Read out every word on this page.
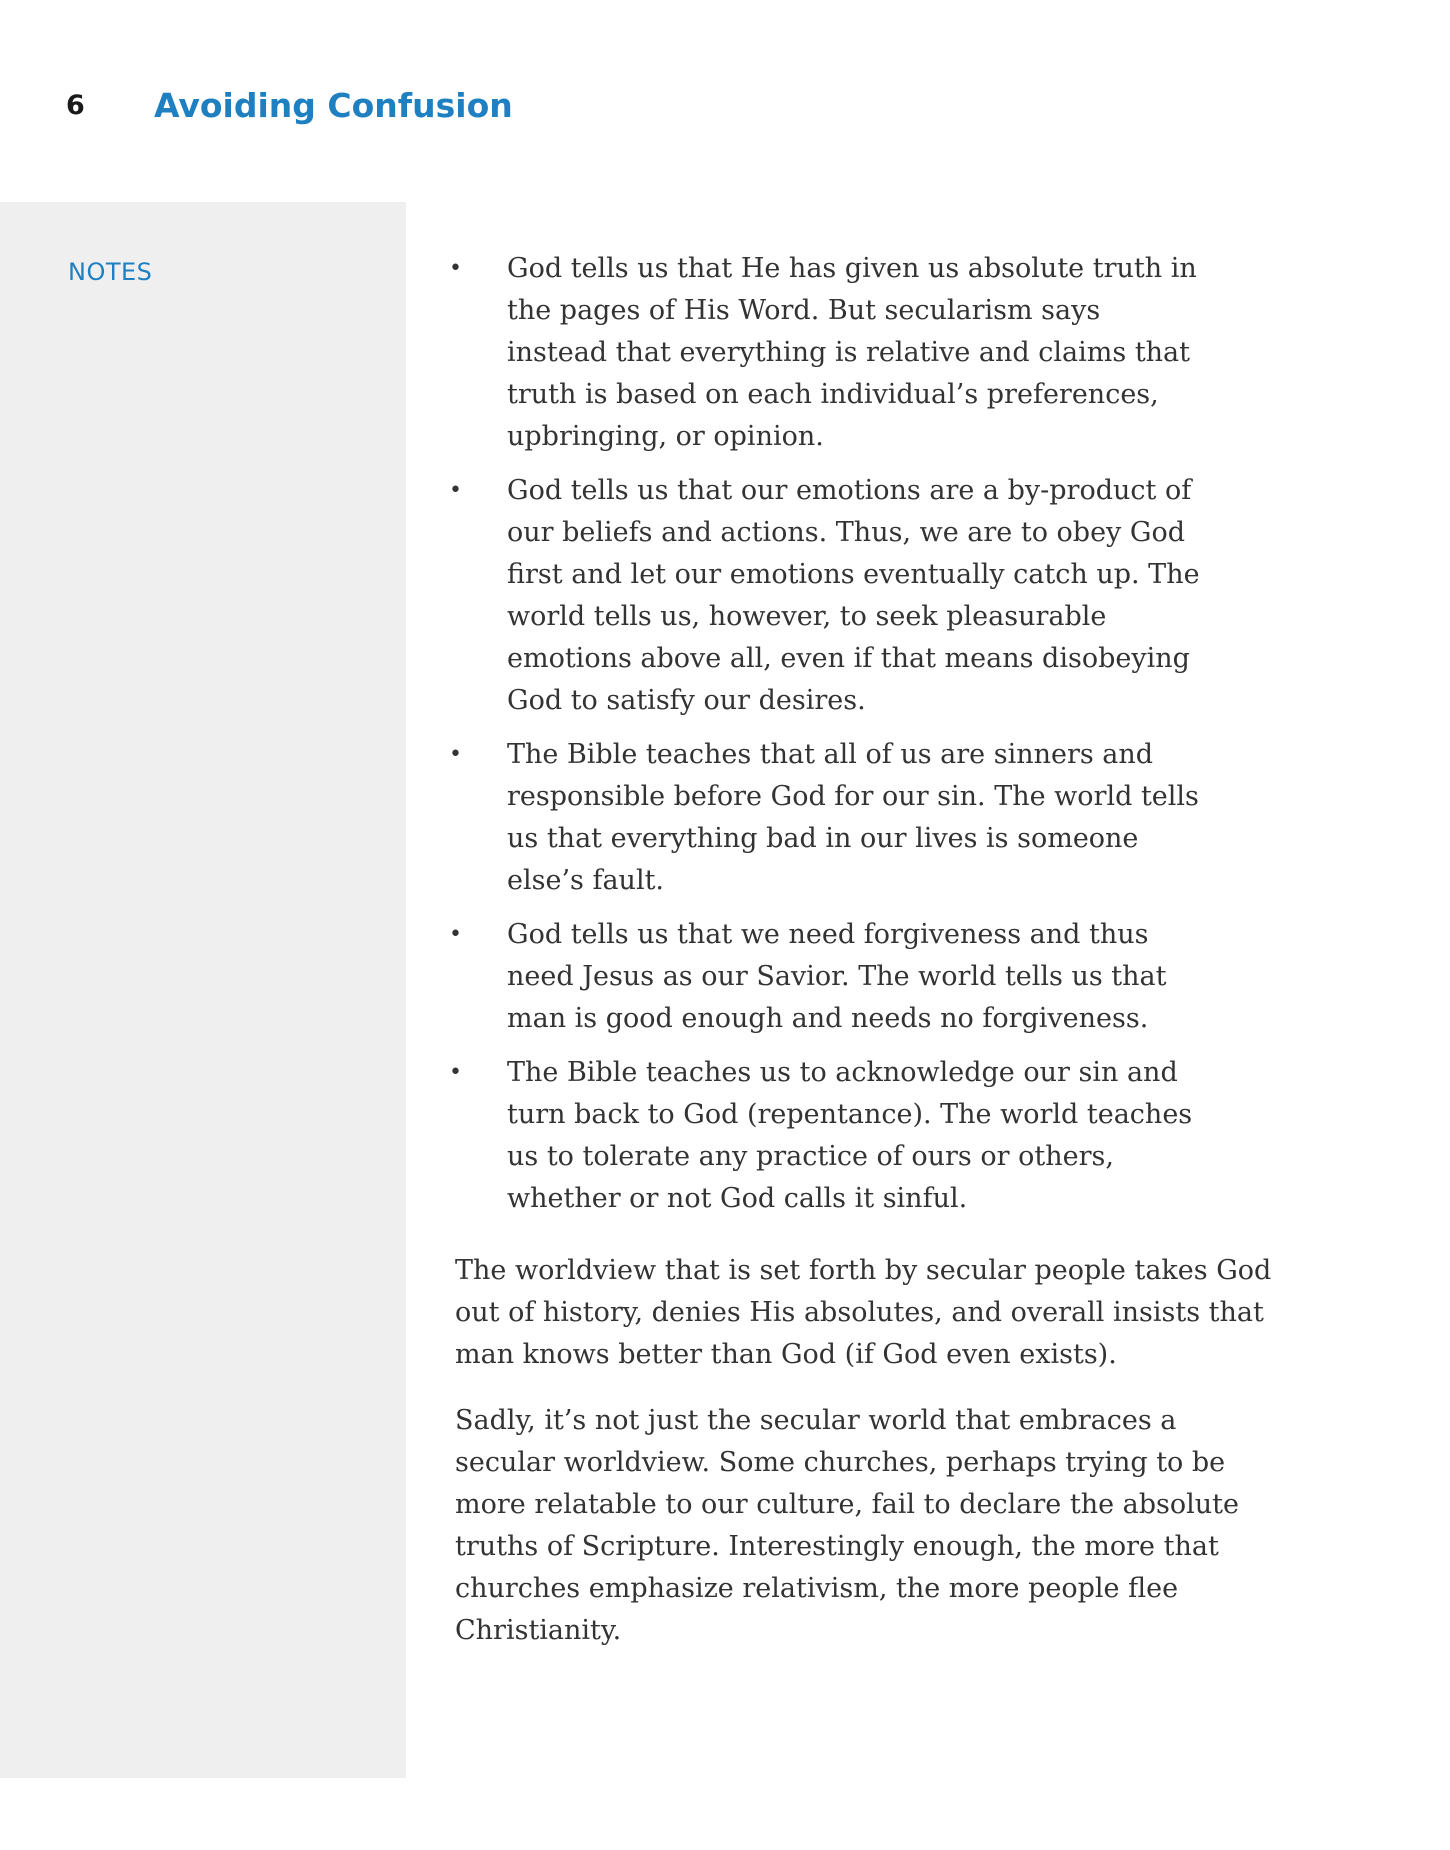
6 Avoiding Confusion
NOTES	• God tells us that He has given us absolute truth in the pages of His Word. But secularism says instead that everything is relative and claims that truth is based on each individual’s preferences, upbringing, or opinion.
• God tells us that our emotions are a by-product of our beliefs and actions. Thus, we are to obey God first and let our emotions eventually catch up. The world tells us, however, to seek pleasurable emotions above all, even if that means disobeying God to satisfy our desires.
• The Bible teaches that all of us are sinners and responsible before God for our sin. The world tells us that everything bad in our lives is someone else’s fault.
• God tells us that we need forgiveness and thus need Jesus as our Savior. The world tells us that man is good enough and needs no forgiveness.
• The Bible teaches us to acknowledge our sin and turn back to God (repentance). The world teaches us to tolerate any practice of ours or others, whether or not God calls it sinful.

The worldview that is set forth by secular people takes God out of history, denies His absolutes, and overall insists that man knows better than God (if God even exists).

Sadly, it’s not just the secular world that embraces a secular worldview. Some churches, perhaps trying to be more relatable to our culture, fail to declare the absolute truths of Scripture. Interestingly enough, the more that churches emphasize relativism, the more people flee Christianity.
